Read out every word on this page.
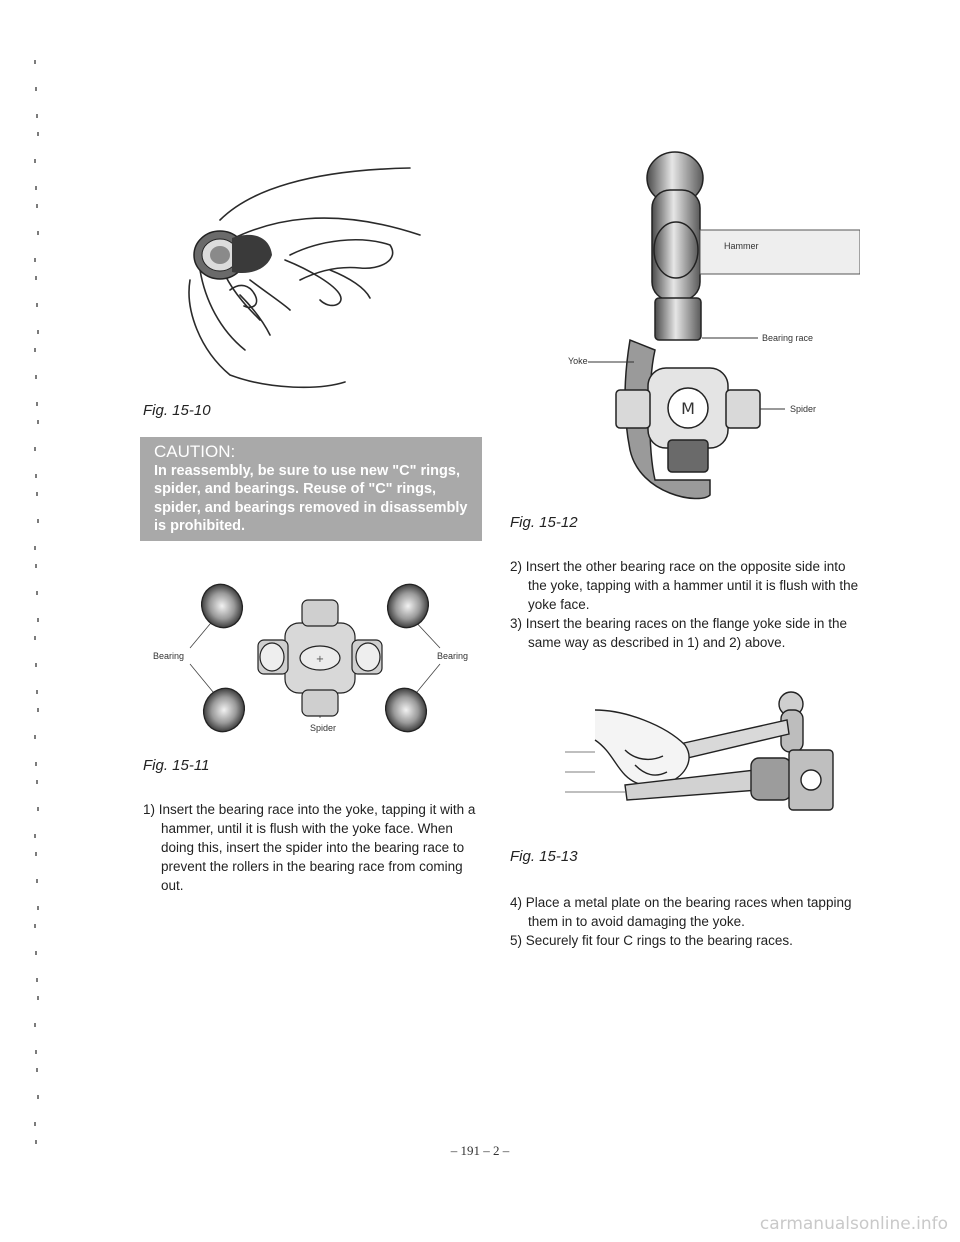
Fig. 15-10
CAUTION:
In reassembly, be sure to use new "C" rings,
spider, and bearings. Reuse of "C" rings,
spider, and bearings removed in disassembly
is prohibited.
+
Bearing	Bearing
Spider
Fig. 15-11
1) Insert the bearing race into the yoke, tapping it with a hammer, until it is flush with the yoke face. When doing this, insert the spider into the bearing race to prevent the rollers in the bearing race from coming out.
M
Hammer
Bearing race
Yoke
Spider
Fig. 15-12
2) Insert the other bearing race on the opposite side into the yoke, tapping with a hammer until it is flush with the yoke face.
3) Insert the bearing races on the flange yoke side in the same way as described in 1) and 2) above.
Fig. 15-13
4) Place a metal plate on the bearing races when tapping them in to avoid damaging the yoke.
5) Securely fit four C rings to the bearing races.
– 191 – 2 –
carmanualsonline.info
